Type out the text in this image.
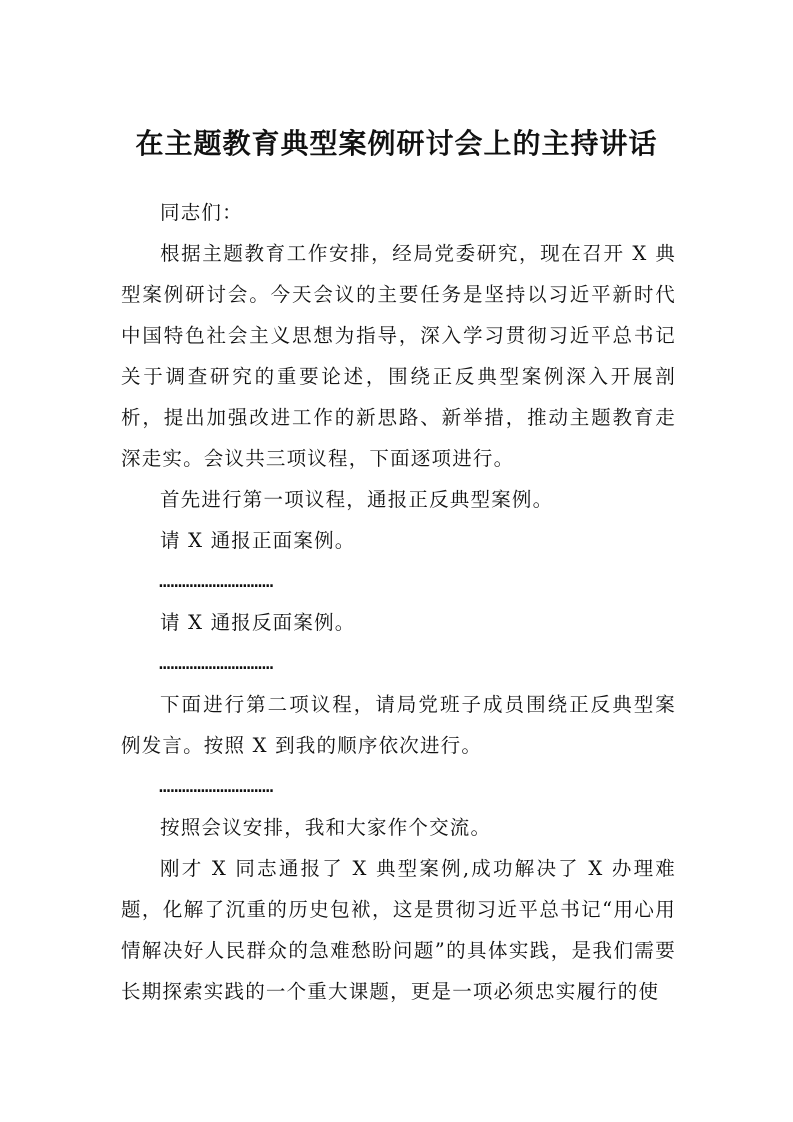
在主题教育典型案例研讨会上的主持讲话

同志们：

根据主题教育工作安排，经局党委研究，现在召开 X 典型案例研讨会。今天会议的主要任务是坚持以习近平新时代中国特色社会主义思想为指导，深入学习贯彻习近平总书记关于调查研究的重要论述，围绕正反典型案例深入开展剖析，提出加强改进工作的新思路、新举措，推动主题教育走深走实。会议共三项议程，下面逐项进行。

首先进行第一项议程，通报正反典型案例。

请 X 通报正面案例。

…………………………

请 X 通报反面案例。

…………………………

下面进行第二项议程，请局党班子成员围绕正反典型案例发言。按照 X 到我的顺序依次进行。

…………………………

按照会议安排，我和大家作个交流。

刚才 X 同志通报了 X 典型案例,成功解决了 X 办理难题，化解了沉重的历史包袱，这是贯彻习近平总书记“用心用情解决好人民群众的急难愁盼问题”的具体实践，是我们需要长期探索实践的一个重大课题，更是一项必须忠实履行的使
